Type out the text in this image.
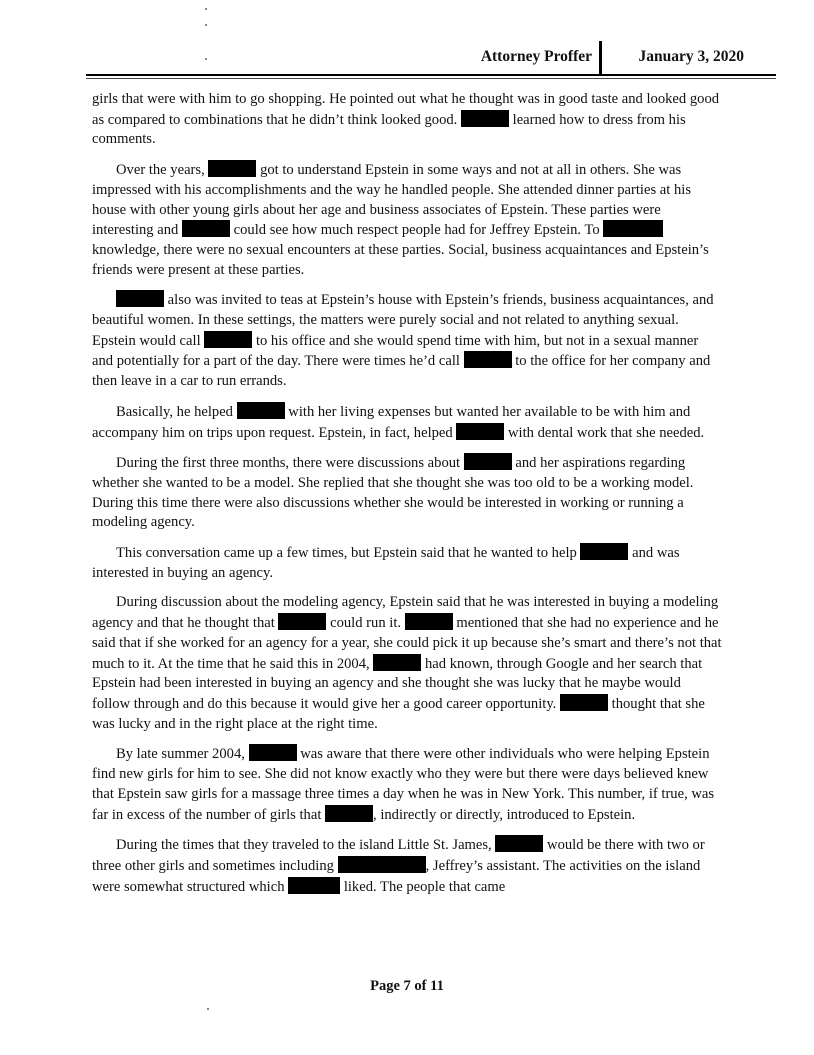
Attorney Proffer	January 3, 2020

girls that were with him to go shopping. He pointed out what he thought was in good taste and looked good as compared to combinations that he didn’t think looked good.	learned how to dress from his comments.

Over the years,	got to understand Epstein in some ways and not at all in others. She was impressed with his accomplishments and the way he handled people. She attended dinner parties at his house with other young girls about her age and business associates of Epstein. These parties were interesting and	could see how much respect people had for Jeffrey Epstein. To  knowledge, there were no sexual encounters at these parties. Social, business acquaintances and Epstein’s friends were present at these parties.

also was invited to teas at Epstein’s house with Epstein’s friends, business acquaintances, and beautiful women. In these settings, the matters were purely social and not related to anything sexual. Epstein would call	to his office and she would spend time with him, but not in a sexual manner and potentially for a part of the day. There were times he’d call	to the office for her company and then leave in a car to run errands.

Basically, he helped	with her living expenses but wanted her available to be with him and accompany him on trips upon request. Epstein, in fact, helped	with dental work that she needed.

During the first three months, there were discussions about	and her aspirations regarding whether she wanted to be a model. She replied that she thought she was too old to be a working model. During this time there were also discussions whether she would be interested in working or running a modeling agency.

This conversation came up a few times, but Epstein said that he wanted to help	and was interested in buying an agency.

During discussion about the modeling agency, Epstein said that he was interested in buying a modeling agency and that he thought that	could run it.	mentioned that she had no experience and he said that if she worked for an agency for a year, she could pick it up because she’s smart and there’s not that much to it. At the time that he said this in 2004,	had known, through Google and her search that Epstein had been interested in buying an agency and she thought she was lucky that he maybe would follow through and do this because it would give her a good career opportunity.	thought that she was lucky and in the right place at the right time.

By late summer 2004,	was aware that there were other individuals who were helping Epstein find new girls for him to see. She did not know exactly who they were but there were days believed knew that Epstein saw girls for a massage three times a day when he was in New York. This number, if true, was far in excess of the number of girls that	, indirectly or directly, introduced to Epstein.

During the times that they traveled to the island Little St. James,	would be there with two or three other girls and sometimes including	, Jeffrey’s assistant. The activities on the island were somewhat structured which	liked. The people that came

Page 7 of 11
